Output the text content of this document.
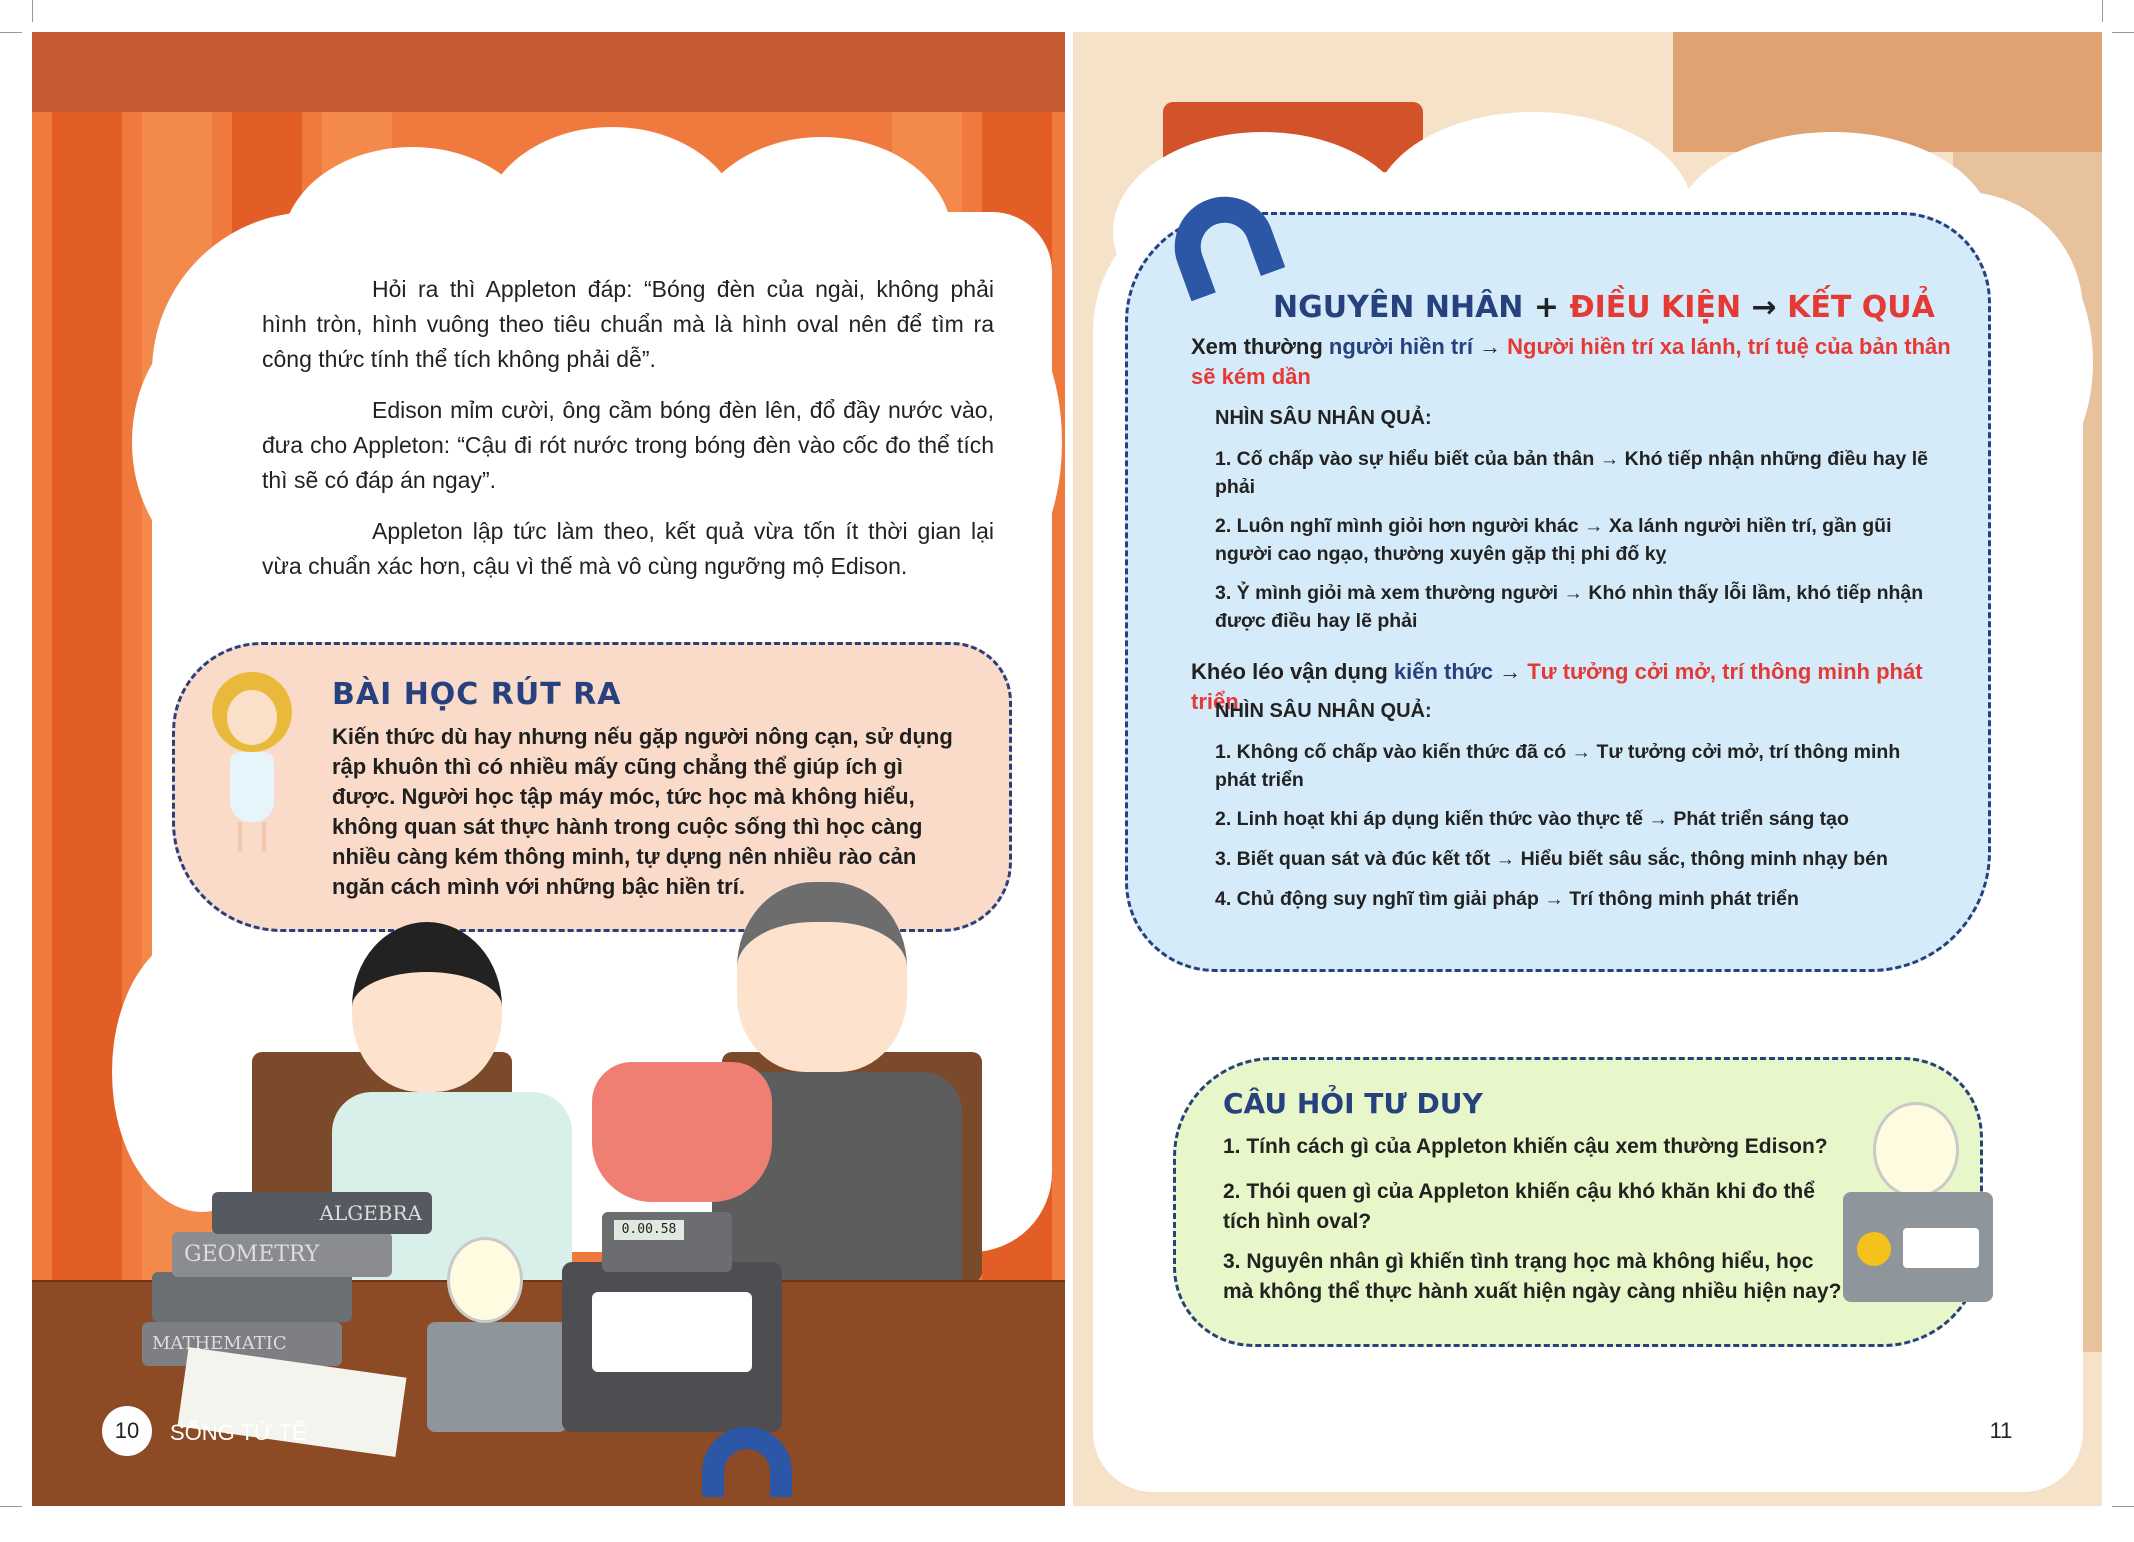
Hỏi ra thì Appleton đáp: “Bóng đèn của ngài, không phải hình tròn, hình vuông theo tiêu chuẩn mà là hình oval nên để tìm ra công thức tính thể tích không phải dễ”.

Edison mỉm cười, ông cầm bóng đèn lên, đổ đầy nước vào, đưa cho Appleton: “Cậu đi rót nước trong bóng đèn vào cốc đo thể tích thì sẽ có đáp án ngay”.

Appleton lập tức làm theo, kết quả vừa tốn ít thời gian lại vừa chuẩn xác hơn, cậu vì thế mà vô cùng ngưỡng mộ Edison.

BÀI HỌC RÚT RA
Kiến thức dù hay nhưng nếu gặp người nông cạn, sử dụng rập khuôn thì có nhiều mấy cũng chẳng thể giúp ích gì được. Người học tập máy móc, tức học mà không hiểu, không quan sát thực hành trong cuộc sống thì học càng nhiều càng kém thông minh, tự dựng nên nhiều rào cản ngăn cách mình với những bậc hiền trí.
GEOMETRY
ALGEBRA
MATHEMATIC
0.00.58
10	SỐNG TỬ TẾ
NGUYÊN NHÂN + ĐIỀU KIỆN → KẾT QUẢ
Xem thường người hiền trí → Người hiền trí xa lánh, trí tuệ của bản thân sẽ kém dần
NHÌN SÂU NHÂN QUẢ:
1. Cố chấp vào sự hiểu biết của bản thân → Khó tiếp nhận những điều hay lẽ phải
2. Luôn nghĩ mình giỏi hơn người khác → Xa lánh người hiền trí, gần gũi người cao ngạo, thường xuyên gặp thị phi đố kỵ
3. Ỷ mình giỏi mà xem thường người → Khó nhìn thấy lỗi lầm, khó tiếp nhận được điều hay lẽ phải
Khéo léo vận dụng kiến thức → Tư tưởng cởi mở, trí thông minh phát triển
NHÌN SÂU NHÂN QUẢ:
1. Không cố chấp vào kiến thức đã có → Tư tưởng cởi mở, trí thông minh phát triển
2. Linh hoạt khi áp dụng kiến thức vào thực tế → Phát triển sáng tạo
3. Biết quan sát và đúc kết tốt → Hiểu biết sâu sắc, thông minh nhạy bén
4. Chủ động suy nghĩ tìm giải pháp → Trí thông minh phát triển
CÂU HỎI TƯ DUY
1. Tính cách gì của Appleton khiến cậu xem thường Edison?
2. Thói quen gì của Appleton khiến cậu khó khăn khi đo thể tích hình oval?
3. Nguyên nhân gì khiến tình trạng học mà không hiểu, học mà không thể thực hành xuất hiện ngày càng nhiều hiện nay?
GNH.VN/GIEOHAT 11
